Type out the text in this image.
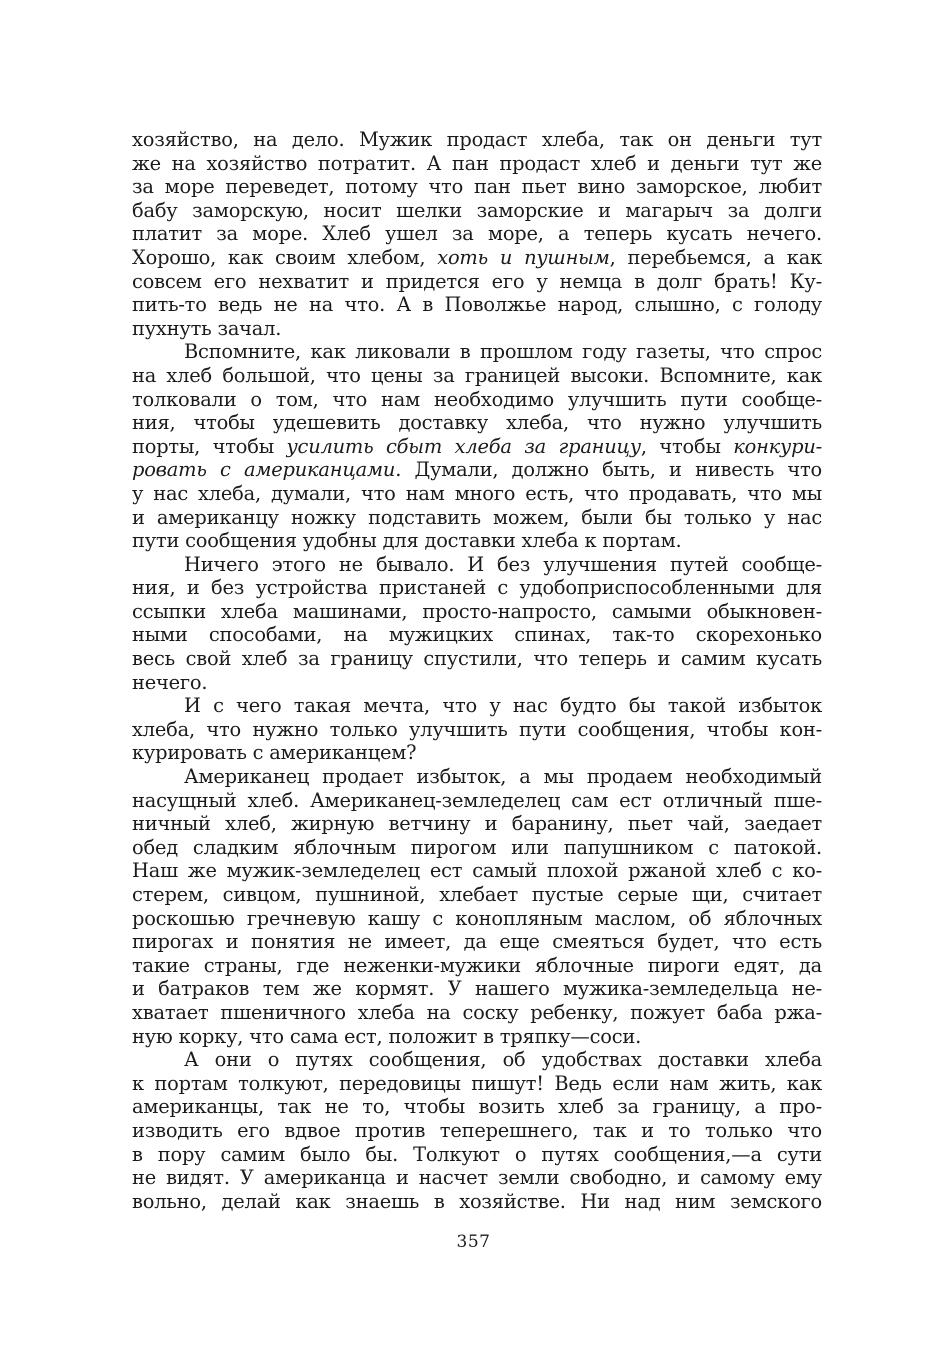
хозяйство, на дело. Мужик продаст хлеба, так он деньги тут
же на хозяйство потратит. А пан продаст хлеб и деньги тут же
за море переведет, потому что пан пьет вино заморское, любит
бабу заморскую, носит шелки заморские и магарыч за долги
платит за море. Хлеб ушел за море, а теперь кусать нечего.
Хорошо, как своим хлебом, хоть и пушным, перебьемся, а как
совсем его нехватит и придется его у немца в долг брать! Ку-
пить-то ведь не на что. А в Поволжье народ, слышно, с голоду
пухнуть зачал.
Вспомните, как ликовали в прошлом году газеты, что спрос
на хлеб большой, что цены за границей высоки. Вспомните, как
толковали о том, что нам необходимо улучшить пути сообще-
ния, чтобы удешевить доставку хлеба, что нужно улучшить
порты, чтобы усилить сбыт хлеба за границу, чтобы конкури-
ровать с американцами. Думали, должно быть, и нивесть что
у нас хлеба, думали, что нам много есть, что продавать, что мы
и американцу ножку подставить можем, были бы только у нас
пути сообщения удобны для доставки хлеба к портам.
Ничего этого не бывало. И без улучшения путей сообще-
ния, и без устройства пристаней с удобоприспособленными для
ссыпки хлеба машинами, просто-напросто, самыми обыкновен-
ными способами, на мужицких спинах, так-то скорехонько
весь свой хлеб за границу спустили, что теперь и самим кусать
нечего.
И с чего такая мечта, что у нас будто бы такой избыток
хлеба, что нужно только улучшить пути сообщения, чтобы кон-
курировать с американцем?
Американец продает избыток, а мы продаем необходимый
насущный хлеб. Американец-земледелец сам ест отличный пше-
ничный хлеб, жирную ветчину и баранину, пьет чай, заедает
обед сладким яблочным пирогом или папушником с патокой.
Наш же мужик-земледелец ест самый плохой ржаной хлеб с ко-
стерем, сивцом, пушниной, хлебает пустые серые щи, считает
роскошью гречневую кашу с конопляным маслом, об яблочных
пирогах и понятия не имеет, да еще смеяться будет, что есть
такие страны, где неженки-мужики яблочные пироги едят, да
и батраков тем же кормят. У нашего мужика-земледельца не-
хватает пшеничного хлеба на соску ребенку, пожует баба ржа-
ную корку, что сама ест, положит в тряпку—соси.
А они о путях сообщения, об удобствах доставки хлеба
к портам толкуют, передовицы пишут! Ведь если нам жить, как
американцы, так не то, чтобы возить хлеб за границу, а про-
изводить его вдвое против теперешнего, так и то только что
в пору самим было бы. Толкуют о путях сообщения,—а сути
не видят. У американца и насчет земли свободно, и самому ему
вольно, делай как знаешь в хозяйстве. Ни над ним земского
357
